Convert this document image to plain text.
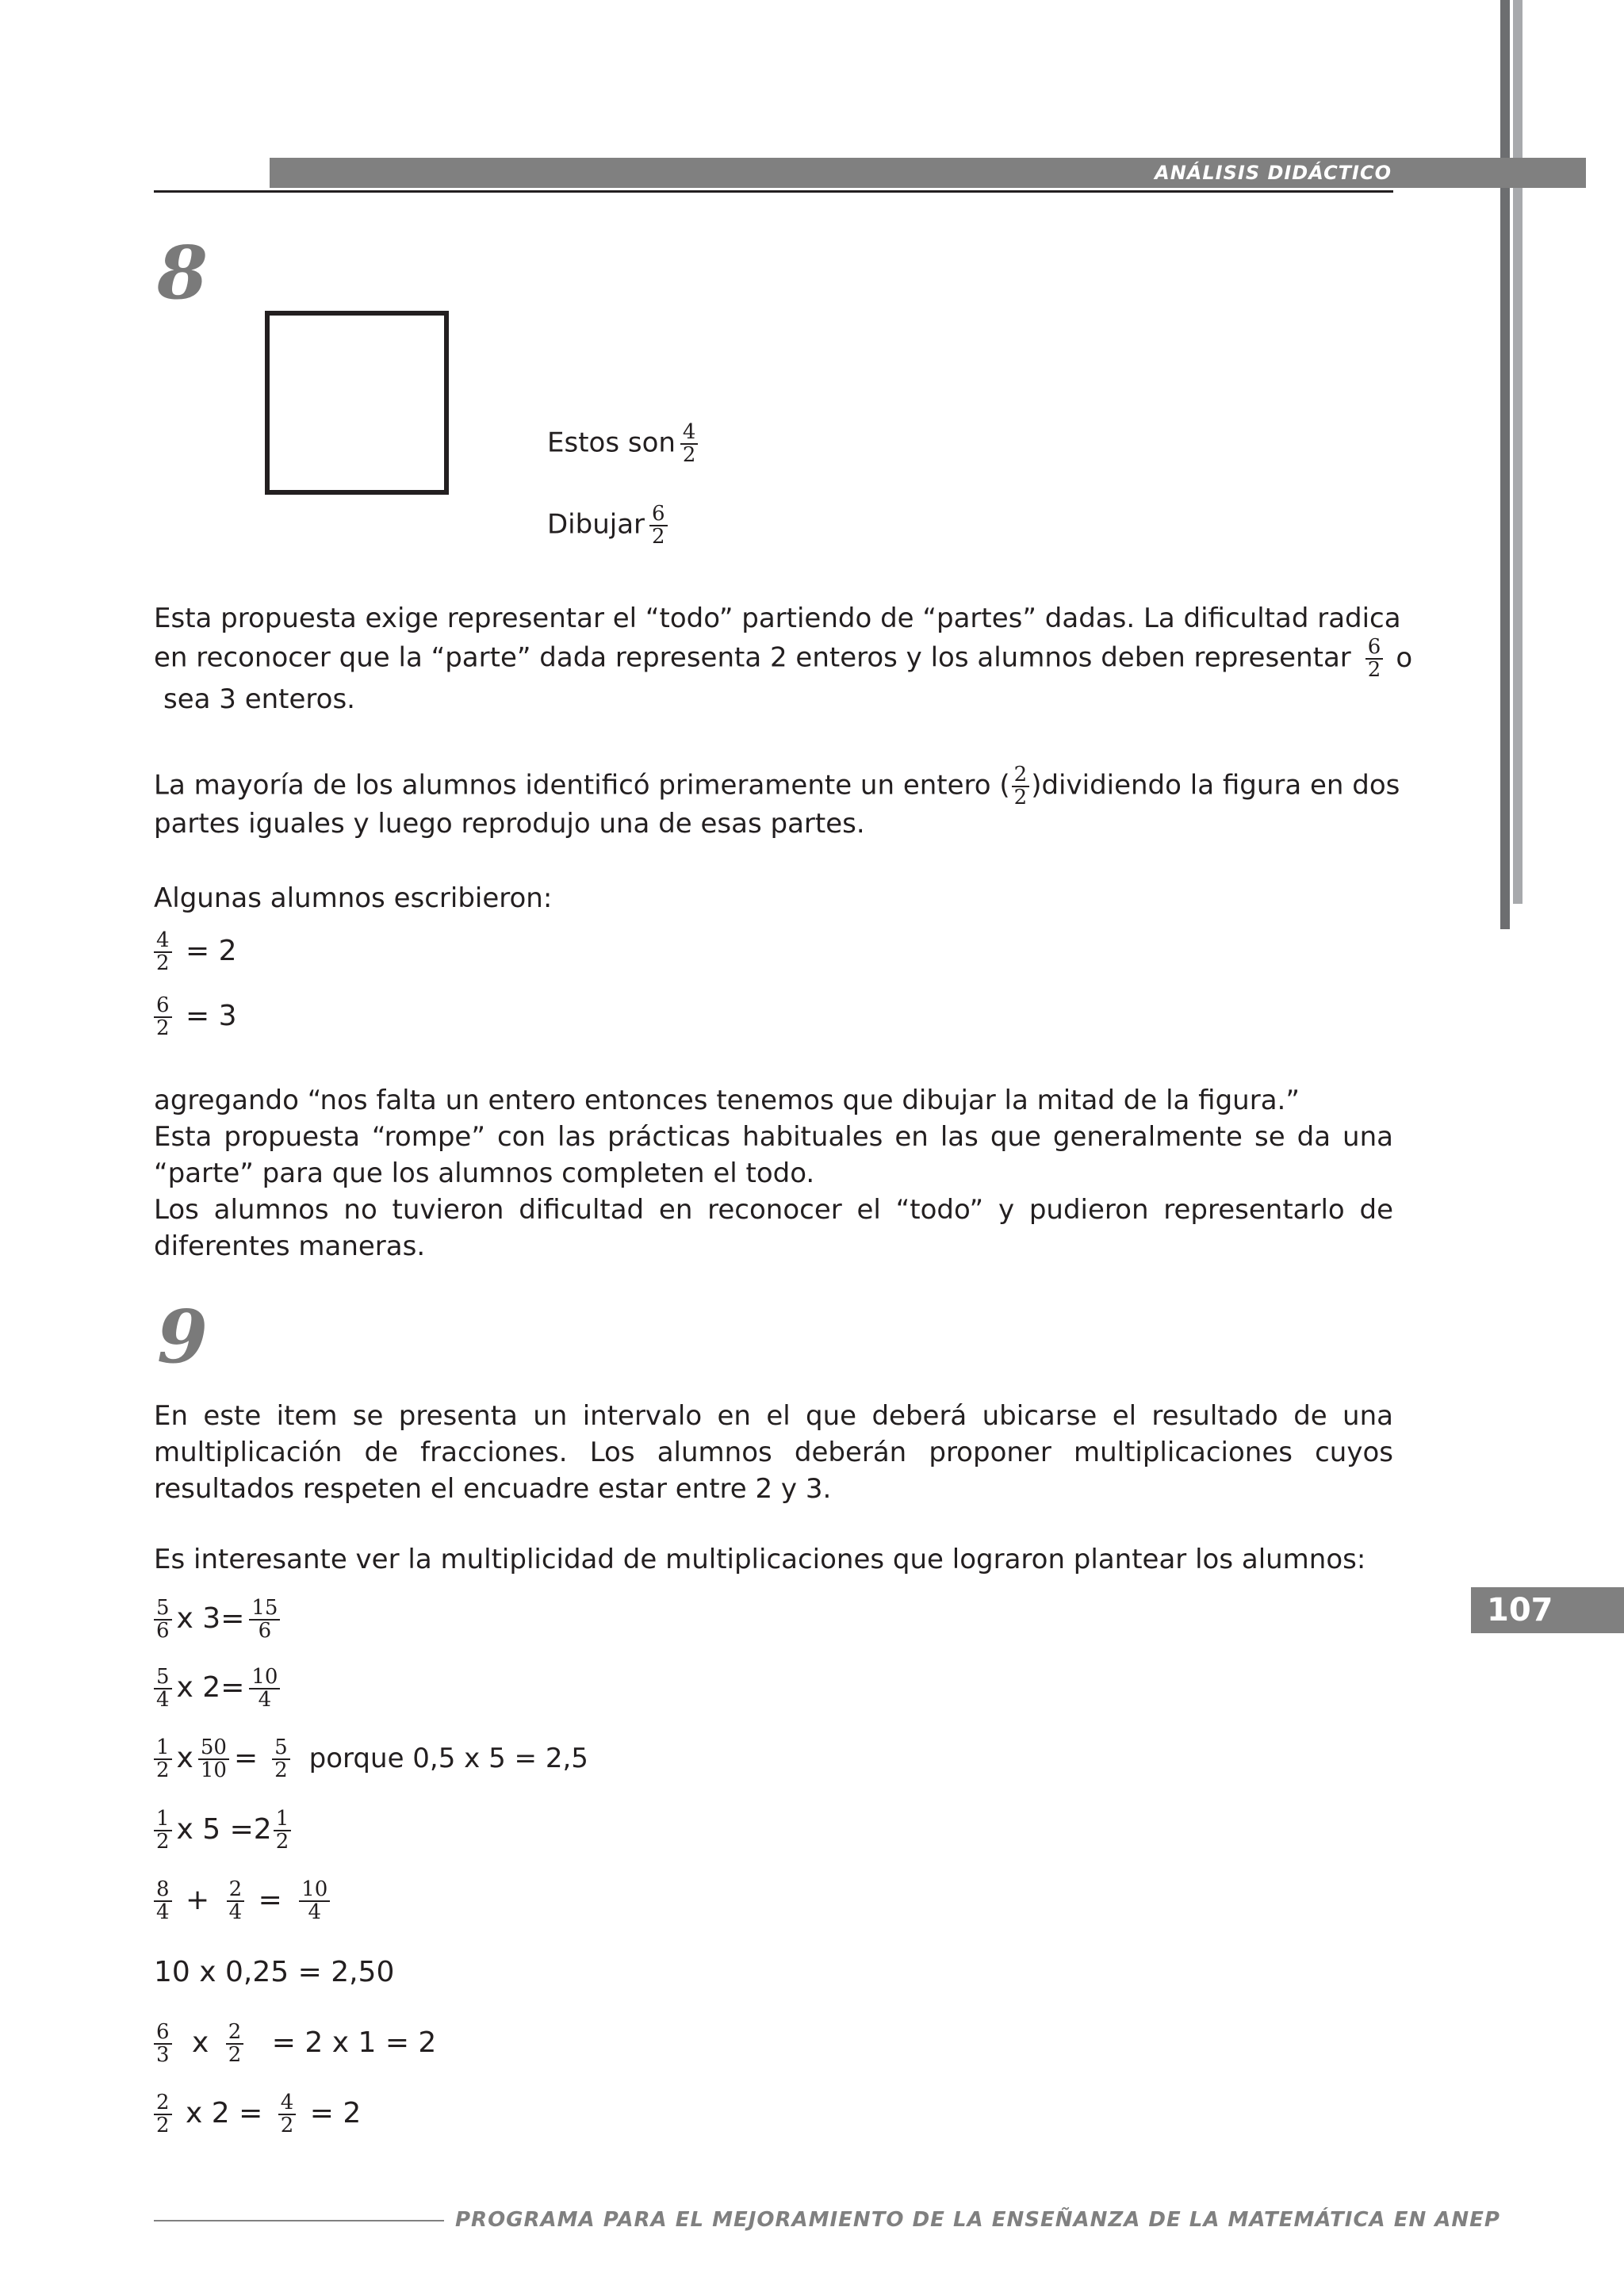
ANÁLISIS DIDÁCTICO
107
8
Estos son $\frac{4}{2}$
Dibujar $\frac{6}{2}$
Esta propuesta exige representar el “todo” partiendo de “partes” dadas. La dificultad radica
en reconocer que la “parte” dada representa 2 enteros y los alumnos deben representar $\frac{6}{2}$ o
sea 3 enteros.
La mayoría de los alumnos identificó primeramente un entero ( $\frac{2}{2}$ )dividiendo la figura en dos
partes iguales y luego reprodujo una de esas partes.
Algunas alumnos escribieron:
$\frac{4}{2} = 2$
$\frac{6}{2} = 3$
agregando “nos falta un entero entonces tenemos que dibujar la mitad de la figura.”
Esta propuesta “rompe” con las prácticas habituales en las que generalmente se da una “parte” para que los alumnos completen el todo.
Los alumnos no tuvieron dificultad en reconocer el “todo” y pudieron representarlo de diferentes maneras.
9
En este item se presenta un intervalo en el que deberá ubicarse el resultado de una multiplicación de fracciones. Los alumnos deberán proponer multiplicaciones cuyos resultados respeten el encuadre estar entre 2 y 3.
Es interesante ver la multiplicidad de multiplicaciones que lograron plantear los alumnos:
$\frac{5}{6}$ x $3= \frac{15}{6}$
$\frac{5}{4}$ x $2= \frac{10}{4}$
$\frac{1}{2}$ x $\frac{50}{10} = \frac{5}{2}$ porque 0,5 x 5 = 2,5
$\frac{1}{2}$ x $5 =2 \frac{1}{2}$
$\frac{8}{4} + \frac{2}{4} = \frac{10}{4}$
10 x 0,25 = 2,50
$\frac{6}{3}$ x $\frac{2}{2} = 2$ x 1 = 2
$\frac{2}{2}$ x $2 = \frac{4}{2} = 2$
PROGRAMA PARA EL MEJORAMIENTO DE LA ENSEÑANZA DE LA MATEMÁTICA EN ANEP
